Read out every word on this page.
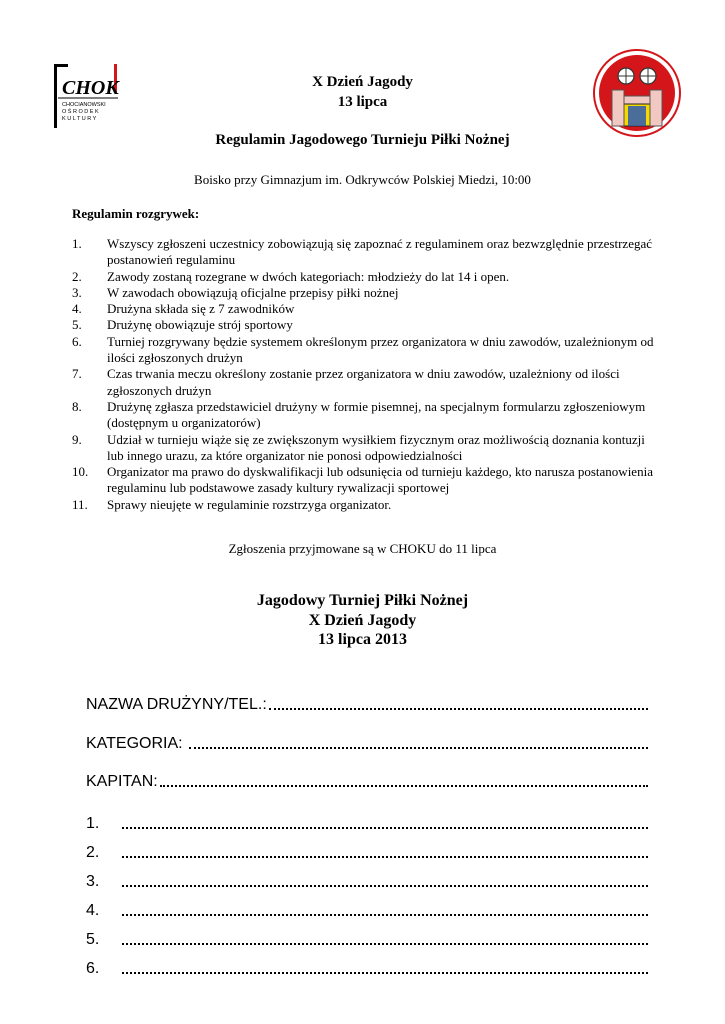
CHOK
CHOCIANOWSKI
O Ś R O D E K
K U L T U R Y
X Dzień Jagody
13 lipca
Regulamin Jagodowego Turnieju Piłki Nożnej
Boisko przy Gimnazjum im. Odkrywców Polskiej Miedzi, 10:00
Regulamin rozgrywek:
1. Wszyscy zgłoszeni uczestnicy zobowiązują się zapoznać z regulaminem oraz bezwzględnie przestrzegać postanowień regulaminu
2. Zawody zostaną rozegrane w dwóch kategoriach: młodzieży do lat 14 i open.
3. W zawodach obowiązują oficjalne przepisy piłki nożnej
4. Drużyna składa się z 7 zawodników
5. Drużynę obowiązuje strój sportowy
6. Turniej rozgrywany będzie systemem określonym przez organizatora w dniu zawodów, uzależnionym od ilości zgłoszonych drużyn
7. Czas trwania meczu określony zostanie przez organizatora w dniu zawodów, uzależniony od ilości zgłoszonych drużyn
8. Drużynę zgłasza przedstawiciel drużyny w formie pisemnej, na specjalnym formularzu zgłoszeniowym (dostępnym u organizatorów)
9. Udział w turnieju wiąże się ze zwiększonym wysiłkiem fizycznym oraz możliwością doznania kontuzji lub innego urazu, za które organizator nie ponosi odpowiedzialności
10. Organizator ma prawo do dyskwalifikacji lub odsunięcia od turnieju każdego, kto narusza postanowienia regulaminu lub podstawowe zasady kultury rywalizacji sportowej
11. Sprawy nieujęte w regulaminie rozstrzyga organizator.
Zgłoszenia przyjmowane są w CHOKU do 11 lipca
Jagodowy Turniej Piłki Nożnej
X Dzień Jagody
13 lipca 2013
NAZWA DRUŻYNY/TEL.:
KATEGORIA:
KAPITAN:
1.
2.
3.
4.
5.
6.
